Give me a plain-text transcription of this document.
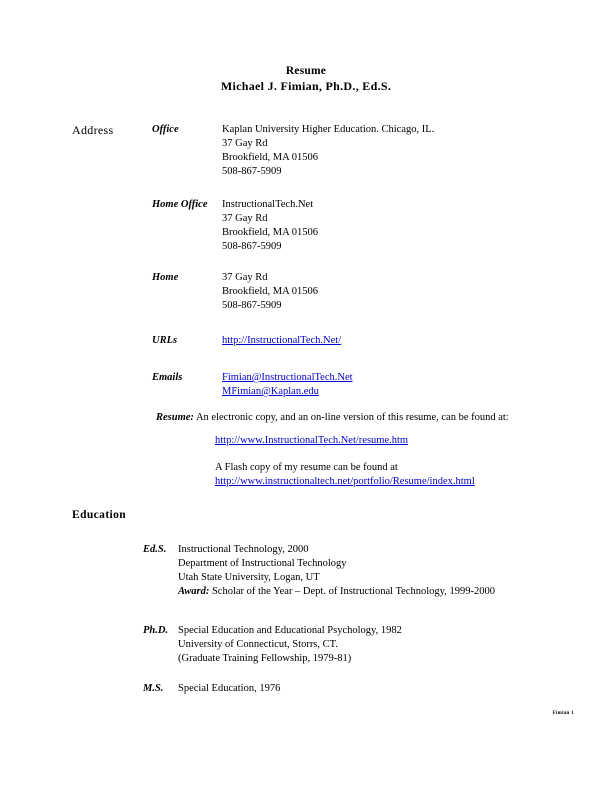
Resume
Michael J. Fimian, Ph.D., Ed.S.
Address	Office	Kaplan University Higher Education. Chicago, IL.
37 Gay Rd
Brookfield, MA 01506
508-867-5909
Home Office	InstructionalTech.Net
37 Gay Rd
Brookfield, MA 01506
508-867-5909
Home	37 Gay Rd
Brookfield, MA 01506
508-867-5909
URLs	http://InstructionalTech.Net/
Emails	Fimian@InstructionalTech.Net
MFimian@Kaplan.edu
Resume: An electronic copy, and an on-line version of this resume, can be found at:
http://www.InstructionalTech.Net/resume.htm
A Flash copy of my resume can be found at
http://www.instructionaltech.net/portfolio/Resume/index.html
Education
Ed.S.	Instructional Technology, 2000
Department of Instructional Technology
Utah State University, Logan, UT
Award: Scholar of the Year – Dept. of Instructional Technology, 1999-2000
Ph.D. Special Education and Educational Psychology, 1982
University of Connecticut, Storrs, CT.
(Graduate Training Fellowship, 1979-81)
M.S.	Special Education, 1976
Fimian 1
